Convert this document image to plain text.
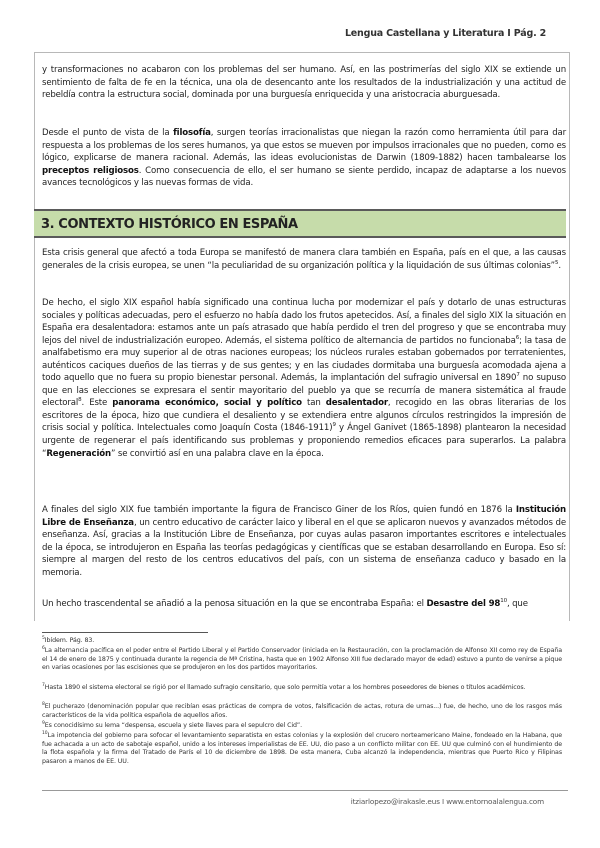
Lengua Castellana y Literatura I Pág. 2

y transformaciones no acabaron con los problemas del ser humano. Así, en las postrimerías del siglo XIX se extiende un sentimiento de falta de fe en la técnica, una ola de desencanto ante los resultados de la industrialización y una actitud de rebeldía contra la estructura social, dominada por una burguesía enriquecida y una aristocracia aburguesada.

Desde el punto de vista de la filosofía, surgen teorías irracionalistas que niegan la razón como herramienta útil para dar respuesta a los problemas de los seres humanos, ya que estos se mueven por impulsos irracionales que no pueden, como es lógico, explicarse de manera racional. Además, las ideas evolucionistas de Darwin (1809-1882) hacen tambalearse los preceptos religiosos. Como consecuencia de ello, el ser humano se siente perdido, incapaz de adaptarse a los nuevos avances tecnológicos y las nuevas formas de vida.

3. CONTEXTO HISTÓRICO EN ESPAÑA

Esta crisis general que afectó a toda Europa se manifestó de manera clara también en España, país en el que, a las causas generales de la crisis europea, se unen “la peculiaridad de su organización política y la liquidación de sus últimas colonias”$^5$.

De hecho, el siglo XIX español había significado una continua lucha por modernizar el país y dotarlo de unas estructuras sociales y políticas adecuadas, pero el esfuerzo no había dado los frutos apetecidos. Así, a finales del siglo XIX la situación en España era desalentadora: estamos ante un país atrasado que había perdido el tren del progreso y que se encontraba muy lejos del nivel de industrialización europeo. Además, el sistema político de alternancia de partidos no funcionaba$^6$; la tasa de analfabetismo era muy superior al de otras naciones europeas; los núcleos rurales estaban gobernados por terratenientes, auténticos caciques dueños de las tierras y de sus gentes; y en las ciudades dormitaba una burguesía acomodada ajena a todo aquello que no fuera su propio bienestar personal. Además, la implantación del sufragio universal en 1890$^7$ no supuso que en las elecciones se expresara el sentir mayoritario del pueblo ya que se recurría de manera sistemática al fraude electoral$^8$. Este panorama económico, social y político tan desalentador, recogido en las obras literarias de los escritores de la época, hizo que cundiera el desaliento y se extendiera entre algunos círculos restringidos la impresión de crisis social y política. Intelectuales como Joaquín Costa (1846-1911)$^9$ y Ángel Ganivet (1865-1898) plantearon la necesidad urgente de regenerar el país identificando sus problemas y proponiendo remedios eficaces para superarlos. La palabra “Regeneración” se convirtió así en una palabra clave en la época.

A finales del siglo XIX fue también importante la figura de Francisco Giner de los Ríos, quien fundó en 1876 la Institución Libre de Enseñanza, un centro educativo de carácter laico y liberal en el que se aplicaron nuevos y avanzados métodos de enseñanza. Así, gracias a la Institución Libre de Enseñanza, por cuyas aulas pasaron importantes escritores e intelectuales de la época, se introdujeron en España las teorías pedagógicas y científicas que se estaban desarrollando en Europa. Eso sí: siempre al margen del resto de los centros educativos del país, con un sistema de enseñanza caduco y basado en la memoria.

Un hecho trascendental se añadió a la penosa situación en la que se encontraba España: el Desastre del $98^{10}$, que

$^5$Ibídem. Pág. 83.

$^6$La alternancia pacífica en el poder entre el Partido Liberal y el Partido Conservador (iniciada en la Restauración, con la proclamación de Alfonso XII como rey de España el 14 de enero de 1875 y continuada durante la regencia de Mª Cristina, hasta que en 1902 Alfonso XIII fue declarado mayor de edad) estuvo a punto de venirse a pique en varias ocasiones por las escisiones que se produjeron en los dos partidos mayoritarios.

$^7$Hasta 1890 el sistema electoral se rigió por el llamado sufragio censitario, que solo permitía votar a los hombres poseedores de bienes o títulos académicos.

$^8$El pucherazo (denominación popular que recibían esas prácticas de compra de votos, falsificación de actas, rotura de urnas...) fue, de hecho, uno de los rasgos más característicos de la vida política española de aquellos años.

$^9$Es conocidísimo su lema “despensa, escuela y siete llaves para el sepulcro del Cid”.

$^{10}$La impotencia del gobierno para sofocar el levantamiento separatista en estas colonias y la explosión del crucero norteamericano Maine, fondeado en la Habana, que fue achacada a un acto de sabotaje español, unido a los intereses imperialistas de EE. UU, dio paso a un conflicto militar con EE. UU que culminó con el hundimiento de la flota española y la firma del Tratado de París el 10 de diciembre de 1898. De esta manera, Cuba alcanzó la independencia, mientras que Puerto Rico y Filipinas pasaron a manos de EE. UU.

itziarlopezo@irakasle.eus I www.entornoalalengua.com
